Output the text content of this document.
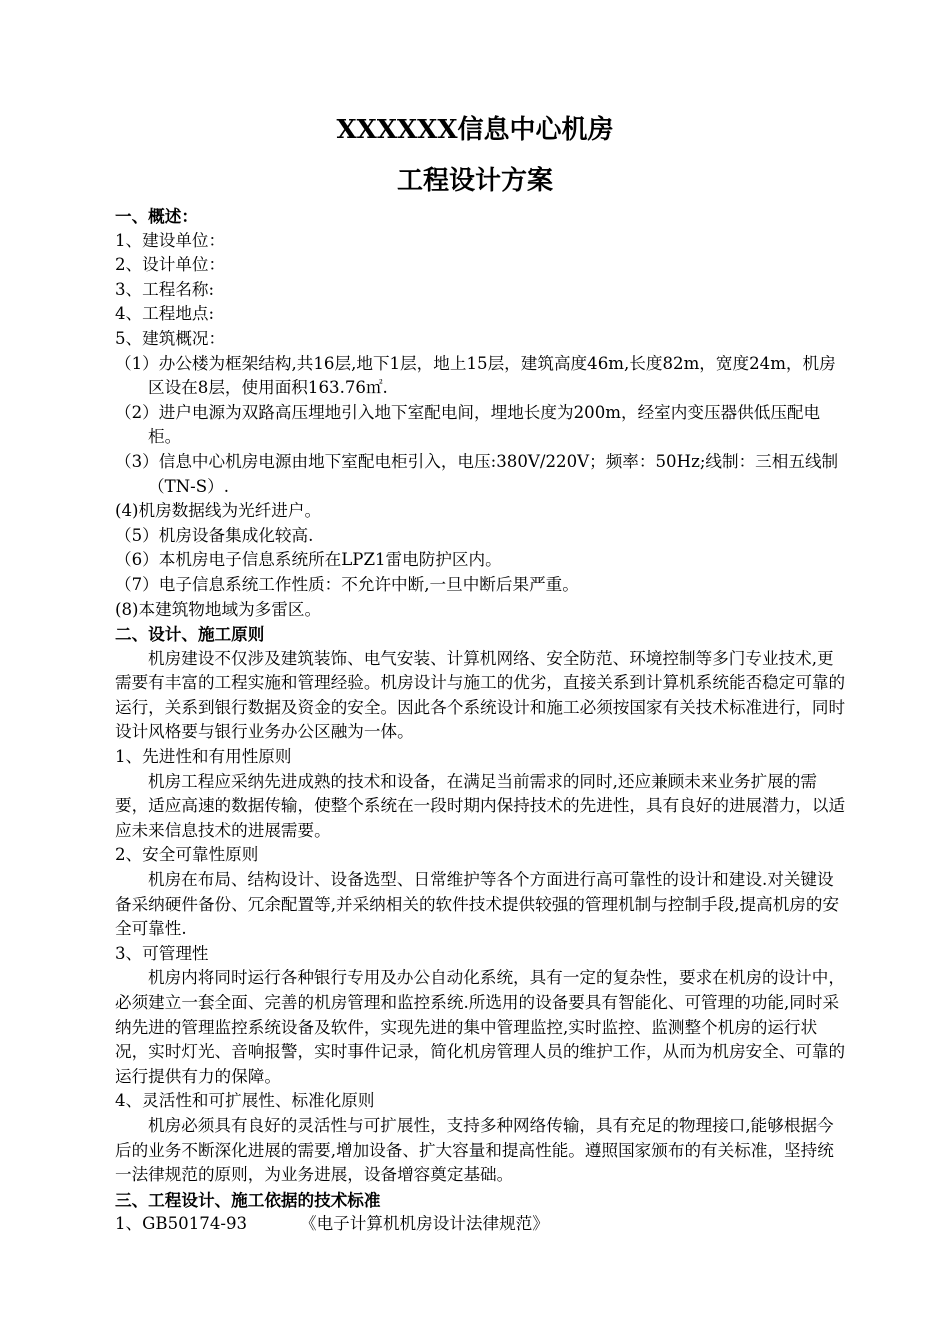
XXXXXX信息中心机房
工程设计方案

一、概述：

1、建设单位：

2、设计单位：

3、工程名称:

4、工程地点:

5、建筑概况：

（1）办公楼为框架结构,共16层,地下1层，地上15层，建筑高度46m,长度82m，宽度24m，机房区设在8层，使用面积163.76㎡.

（2）进户电源为双路高压埋地引入地下室配电间，埋地长度为200m，经室内变压器供低压配电柜。

（3）信息中心机房电源由地下室配电柜引入，电压:380V/220V；频率：50Hz;线制：三相五线制（TN-S）.

(4)机房数据线为光纤进户。

（5）机房设备集成化较高.

（6）本机房电子信息系统所在LPZ1雷电防护区内。

（7）电子信息系统工作性质：不允许中断,一旦中断后果严重。

(8)本建筑物地域为多雷区。

二、设计、施工原则

机房建设不仅涉及建筑装饰、电气安装、计算机网络、安全防范、环境控制等多门专业技术,更需要有丰富的工程实施和管理经验。机房设计与施工的优劣，直接关系到计算机系统能否稳定可靠的运行，关系到银行数据及资金的安全。因此各个系统设计和施工必须按国家有关技术标准进行，同时设计风格要与银行业务办公区融为一体。

1、先进性和有用性原则

机房工程应采纳先进成熟的技术和设备，在满足当前需求的同时,还应兼顾未来业务扩展的需要，适应高速的数据传输，使整个系统在一段时期内保持技术的先进性，具有良好的进展潜力，以适应未来信息技术的进展需要。

2、安全可靠性原则

机房在布局、结构设计、设备选型、日常维护等各个方面进行高可靠性的设计和建设.对关键设备采纳硬件备份、冗余配置等,并采纳相关的软件技术提供较强的管理机制与控制手段,提高机房的安全可靠性.

3、可管理性

机房内将同时运行各种银行专用及办公自动化系统，具有一定的复杂性，要求在机房的设计中，必须建立一套全面、完善的机房管理和监控系统.所选用的设备要具有智能化、可管理的功能,同时采纳先进的管理监控系统设备及软件，实现先进的集中管理监控,实时监控、监测整个机房的运行状况，实时灯光、音响报警，实时事件记录，简化机房管理人员的维护工作，从而为机房安全、可靠的运行提供有力的保障。

4、灵活性和可扩展性、标准化原则

机房必须具有良好的灵活性与可扩展性，支持多种网络传输，具有充足的物理接口,能够根据今后的业务不断深化进展的需要,增加设备、扩大容量和提高性能。遵照国家颁布的有关标准，坚持统一法律规范的原则，为业务进展，设备增容奠定基础。

三、工程设计、施工依据的技术标准

1、GB50174-93	《电子计算机机房设计法律规范》
